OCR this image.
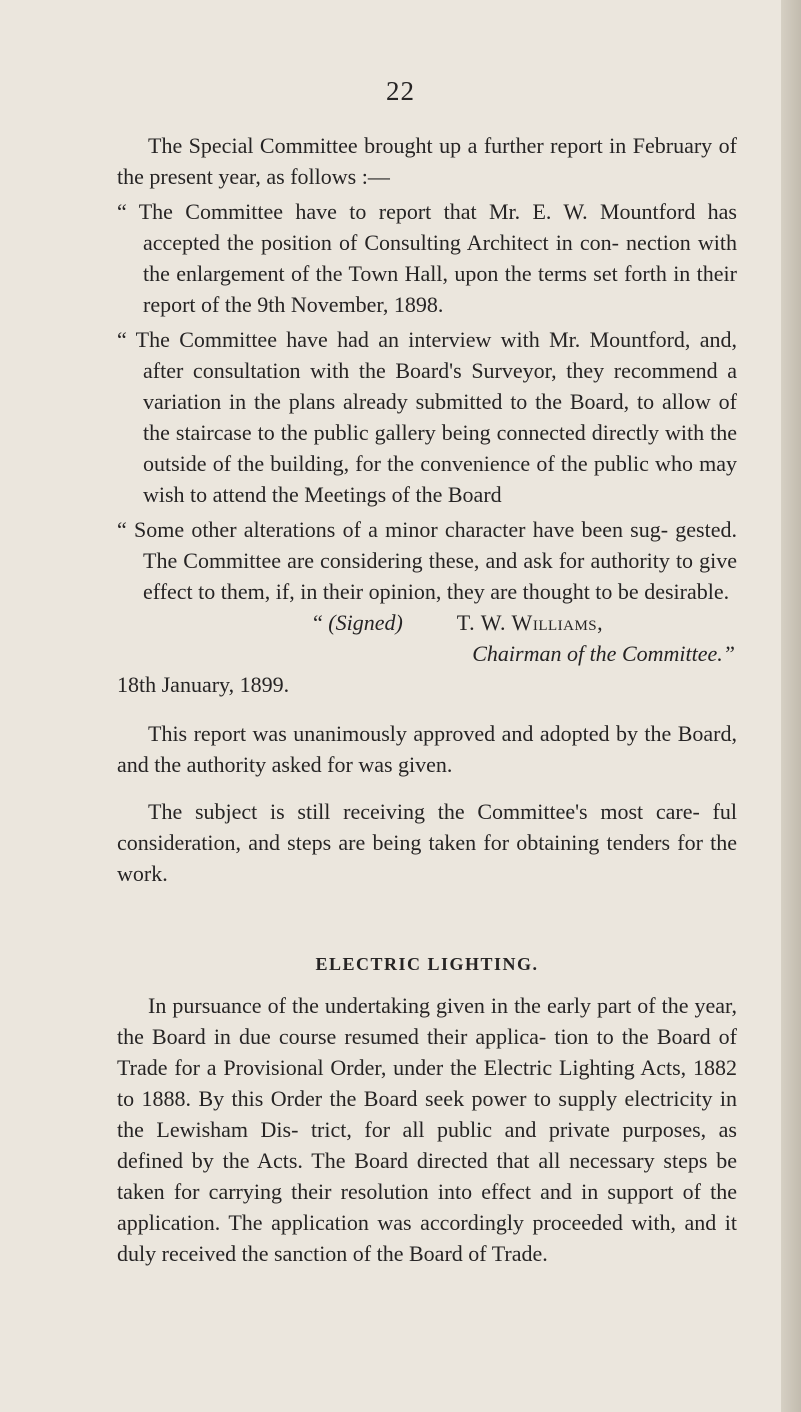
22

The Special Committee brought up a further report in February of the present year, as follows :—

“ The Committee have to report that Mr. E. W. Mountford has accepted the position of Consulting Architect in con- nection with the enlargement of the Town Hall, upon the terms set forth in their report of the 9th November, 1898.

“ The Committee have had an interview with Mr. Mountford, and, after consultation with the Board's Surveyor, they recommend a variation in the plans already submitted to the Board, to allow of the staircase to the public gallery being connected directly with the outside of the building, for the convenience of the public who may wish to attend the Meetings of the Board

“ Some other alterations of a minor character have been sug- gested. The Committee are considering these, and ask for authority to give effect to them, if, in their opinion, they are thought to be desirable.

“ (Signed) T. W. Williams,

Chairman of the Committee.”

18th January, 1899.

This report was unanimously approved and adopted by the Board, and the authority asked for was given.

The subject is still receiving the Committee's most care- ful consideration, and steps are being taken for obtaining tenders for the work.

ELECTRIC LIGHTING.

In pursuance of the undertaking given in the early part of the year, the Board in due course resumed their applica- tion to the Board of Trade for a Provisional Order, under the Electric Lighting Acts, 1882 to 1888. By this Order the Board seek power to supply electricity in the Lewisham Dis- trict, for all public and private purposes, as defined by the Acts. The Board directed that all necessary steps be taken for carrying their resolution into effect and in support of the application. The application was accordingly proceeded with, and it duly received the sanction of the Board of Trade.
